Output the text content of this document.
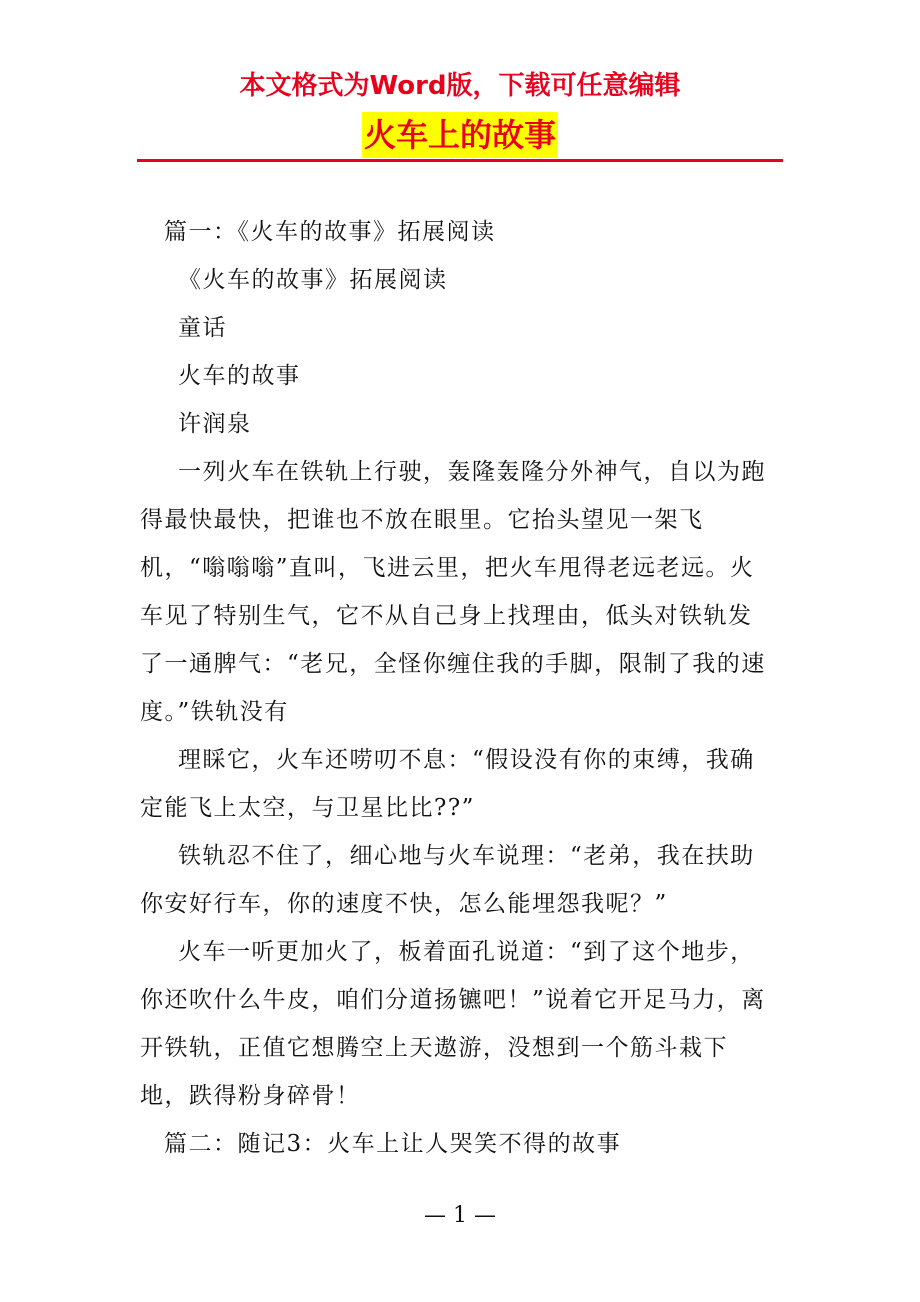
本文格式为Word版，下载可任意编辑
火车上的故事

篇一：《火车的故事》拓展阅读

《火车的故事》拓展阅读

童话

火车的故事

许润泉

一列火车在铁轨上行驶，轰隆轰隆分外神气，自以为跑得最快最快，把谁也不放在眼里。它抬头望见一架飞机，“嗡嗡嗡”直叫，飞进云里，把火车甩得老远老远。火车见了特别生气，它不从自己身上找理由，低头对铁轨发了一通脾气：“老兄，全怪你缠住我的手脚，限制了我的速度。”铁轨没有

理睬它，火车还唠叨不息：“假设没有你的束缚，我确定能飞上太空，与卫星比比??”

铁轨忍不住了，细心地与火车说理：“老弟，我在扶助你安好行车，你的速度不快，怎么能埋怨我呢？”

火车一听更加火了，板着面孔说道：“到了这个地步，你还吹什么牛皮，咱们分道扬镳吧！”说着它开足马力，离开铁轨，正值它想腾空上天遨游，没想到一个筋斗栽下地，跌得粉身碎骨！

篇二：随记3：火车上让人哭笑不得的故事

— 1 —
